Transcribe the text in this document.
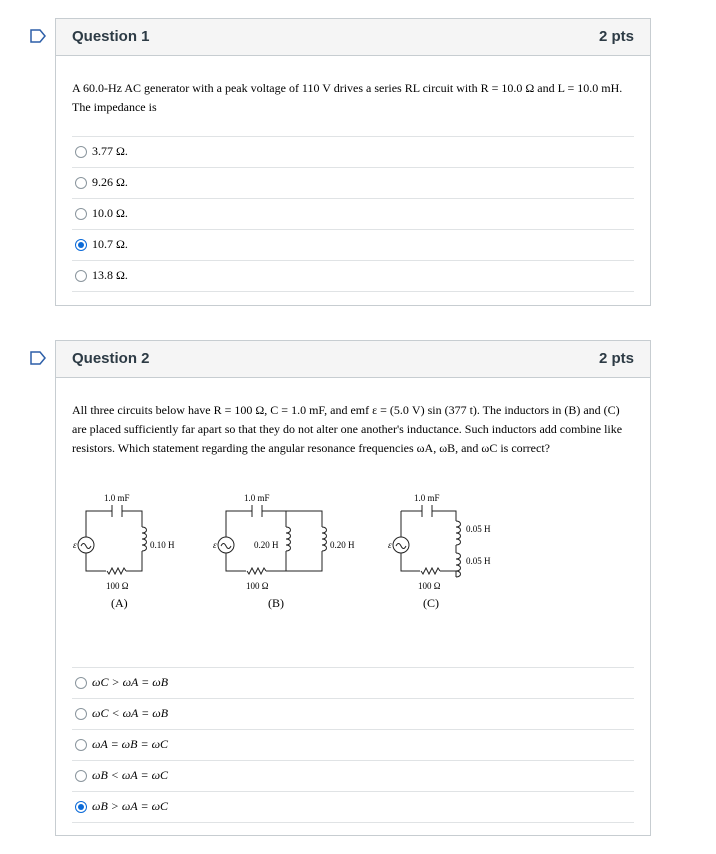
Question 1	2 pts
A 60.0-Hz AC generator with a peak voltage of 110 V drives a series RL circuit with R = 10.0 Ω and L = 10.0 mH. The impedance is
3.77 Ω.
9.26 Ω.
10.0 Ω.
10.7 Ω.
13.8 Ω.
Question 2	2 pts
All three circuits below have R = 100 Ω, C = 1.0 mF, and emf ε = (5.0 V) sin (377 t). The inductors in (B) and (C) are placed sufficiently far apart so that they do not alter one another's inductance. Such inductors add combine like resistors. Which statement regarding the angular resonance frequencies ωA, ωB, and ωC is correct?
1.0 mF
0.10 H
100 Ω
(A)
ε
1.0 mF
0.20 H	0.20 H
100 Ω
(B)
ε
1.0 mF
0.05 H
0.05 H
100 Ω
(C)
ε
ωC > ωA = ωB
ωC < ωA = ωB
ωA = ωB = ωC
ωB < ωA = ωC
ωB > ωA = ωC
